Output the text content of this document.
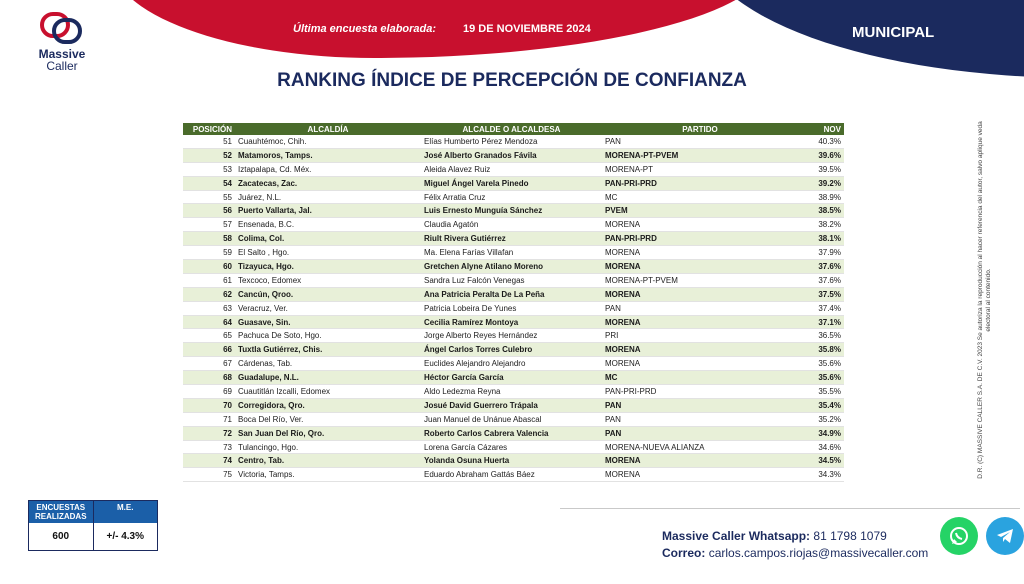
Última encuesta elaborada: 19 DE NOVIEMBRE 2024	MUNICIPAL
Massive
Caller
RANKING ÍNDICE DE PERCEPCIÓN DE CONFIANZA
POSICIÓN	ALCALDÍA	ALCALDE O ALCALDESA	PARTIDO	NOV
51	Cuauhtémoc, Chih.	Elías Humberto Pérez Mendoza	PAN	40.3%
52	Matamoros, Tamps.	José Alberto Granados Fávila	MORENA-PT-PVEM	39.6%
53	Iztapalapa, Cd. Méx.	Aleida Alavez Ruiz	MORENA-PT	39.5%
54	Zacatecas, Zac.	Miguel Ángel Varela Pinedo	PAN-PRI-PRD	39.2%
55	Juárez, N.L.	Félix Arratia Cruz	MC	38.9%
56	Puerto Vallarta, Jal.	Luis Ernesto Munguía Sánchez	PVEM	38.5%
57	Ensenada, B.C.	Claudia Agatón	MORENA	38.2%
58	Colima, Col.	Riult Rivera Gutiérrez	PAN-PRI-PRD	38.1%
59	El Salto , Hgo.	Ma. Elena Farías Villafan	MORENA	37.9%
60	Tizayuca, Hgo.	Gretchen Alyne Atilano Moreno	MORENA	37.6%
61	Texcoco, Edomex	Sandra Luz Falcón Venegas	MORENA-PT-PVEM	37.6%
62	Cancún, Qroo.	Ana Patricia Peralta De La Peña	MORENA	37.5%
63	Veracruz, Ver.	Patricia Lobeira De Yunes	PAN	37.4%
64	Guasave, Sin.	Cecilia Ramírez Montoya	MORENA	37.1%
65	Pachuca De Soto, Hgo.	Jorge Alberto Reyes Hernández	PRI	36.5%
66	Tuxtla Gutiérrez, Chis.	Ángel Carlos Torres Culebro	MORENA	35.8%
67	Cárdenas, Tab.	Euclides Alejandro Alejandro	MORENA	35.6%
68	Guadalupe, N.L.	Héctor García García	MC	35.6%
69	Cuautitlán Izcalli, Edomex	Aldo Ledezma Reyna	PAN-PRI-PRD	35.5%
70	Corregidora, Qro.	Josué David Guerrero Trápala	PAN	35.4%
71	Boca Del Río, Ver.	Juan Manuel de Unánue Abascal	PAN	35.2%
72	San Juan Del Río, Qro.	Roberto Carlos Cabrera Valencia	PAN	34.9%
73	Tulancingo, Hgo.	Lorena García Cázares	MORENA-NUEVA ALIANZA	34.6%
74	Centro, Tab.	Yolanda Osuna Huerta	MORENA	34.5%
75	Victoria, Tamps.	Eduardo Abraham Gattás Báez	MORENA	34.3%	D.R. (C) MASSIVE CALLER S.A. DE C.V. 2023 Se autoriza la reproducción al hacer referencia del autor, salvo aplique veda electoral al contenido.
ENCUESTAS REALIZADAS
M.E.
600	+/- 4.3%	Massive Caller Whatsapp: 81 1798 1079
Correo: carlos.campos.riojas@massivecaller.com
